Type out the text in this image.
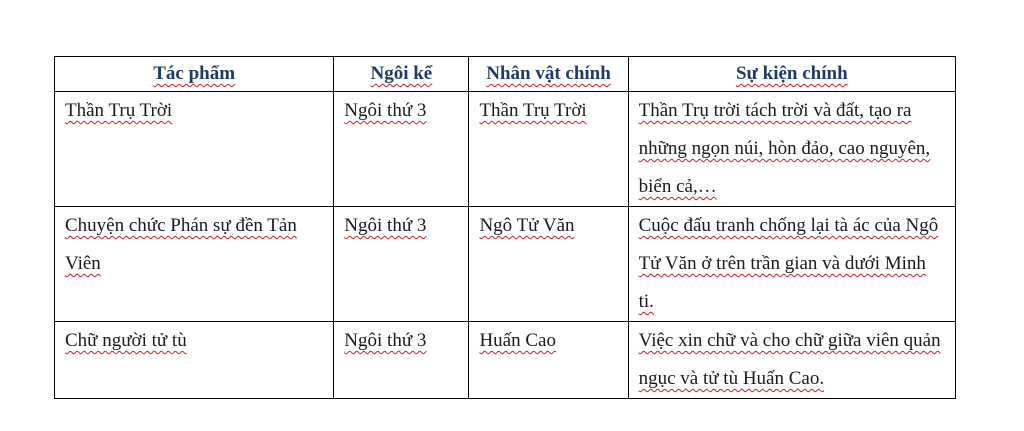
Tác phẩm	Ngôi kể	Nhân vật chính	Sự kiện chính
Thần Trụ Trời	Ngôi thứ 3	Thần Trụ Trời	Thần Trụ trời tách trời và đất, tạo ra những ngọn núi, hòn đảo, cao nguyên, biển cả,…
Chuyện chức Phán sự đền Tản Viên	Ngôi thứ 3	Ngô Tử Văn	Cuộc đấu tranh chống lại tà ác của Ngô Tử Văn ở trên trần gian và dưới Minh ti.
Chữ người tử tù	Ngôi thứ 3	Huấn Cao	Việc xin chữ và cho chữ giữa viên quản ngục và tử tù Huấn Cao.
